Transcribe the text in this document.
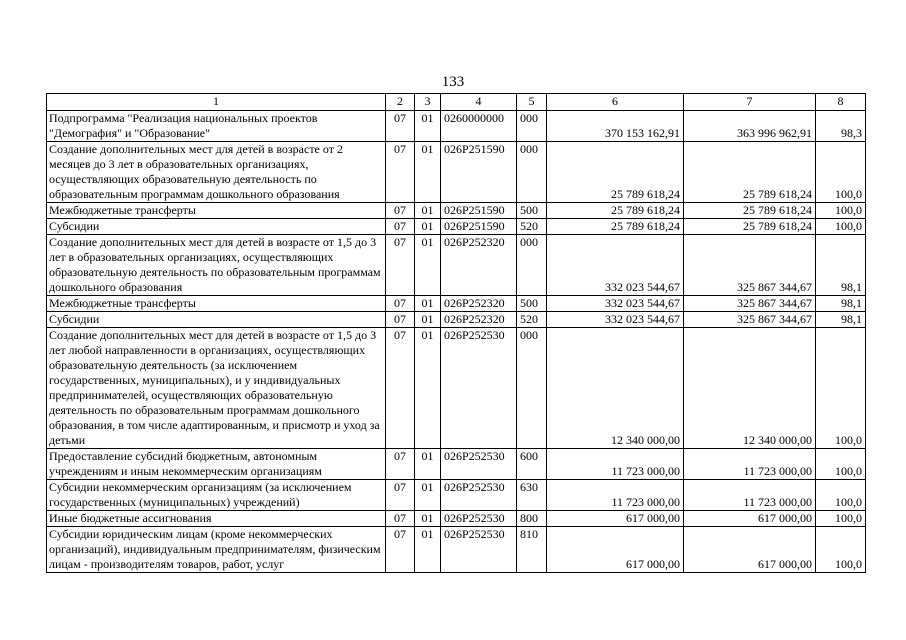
133
1	2	3	4	5	6	7	8
Подпрограмма "Реализация национальных проектов "Демография" и "Образование"	07	01	0260000000	000	370 153 162,91	363 996 962,91	98,3
Создание дополнительных мест для детей в возрасте от 2 месяцев до 3 лет в образовательных организациях, осуществляющих образовательную деятельность по образовательным программам дошкольного образования	07	01	026P251590	000	25 789 618,24	25 789 618,24	100,0
Межбюджетные трансферты	07	01	026P251590	500	25 789 618,24	25 789 618,24	100,0
Субсидии	07	01	026P251590	520	25 789 618,24	25 789 618,24	100,0
Создание дополнительных мест для детей в возрасте от 1,5 до 3 лет в образовательных организациях, осуществляющих образовательную деятельность по образовательным программам дошкольного образования	07	01	026P252320	000	332 023 544,67	325 867 344,67	98,1
Межбюджетные трансферты	07	01	026P252320	500	332 023 544,67	325 867 344,67	98,1
Субсидии	07	01	026P252320	520	332 023 544,67	325 867 344,67	98,1
Создание дополнительных мест для детей в возрасте от 1,5 до 3 лет любой направленности в организациях, осуществляющих образовательную деятельность (за исключением государственных, муниципальных), и у индивидуальных предпринимателей, осуществляющих образовательную деятельность по образовательным программам дошкольного образования, в том числе адаптированным, и присмотр и уход за детьми	07	01	026P252530	000	12 340 000,00	12 340 000,00	100,0
Предоставление субсидий бюджетным, автономным учреждениям и иным некоммерческим организациям	07	01	026P252530	600	11 723 000,00	11 723 000,00	100,0
Субсидии некоммерческим организациям (за исключением государственных (муниципальных) учреждений)	07	01	026P252530	630	11 723 000,00	11 723 000,00	100,0
Иные бюджетные ассигнования	07	01	026P252530	800	617 000,00	617 000,00	100,0
Субсидии юридическим лицам (кроме некоммерческих организаций), индивидуальным предпринимателям, физическим лицам - производителям товаров, работ, услуг	07	01	026P252530	810	617 000,00	617 000,00	100,0
